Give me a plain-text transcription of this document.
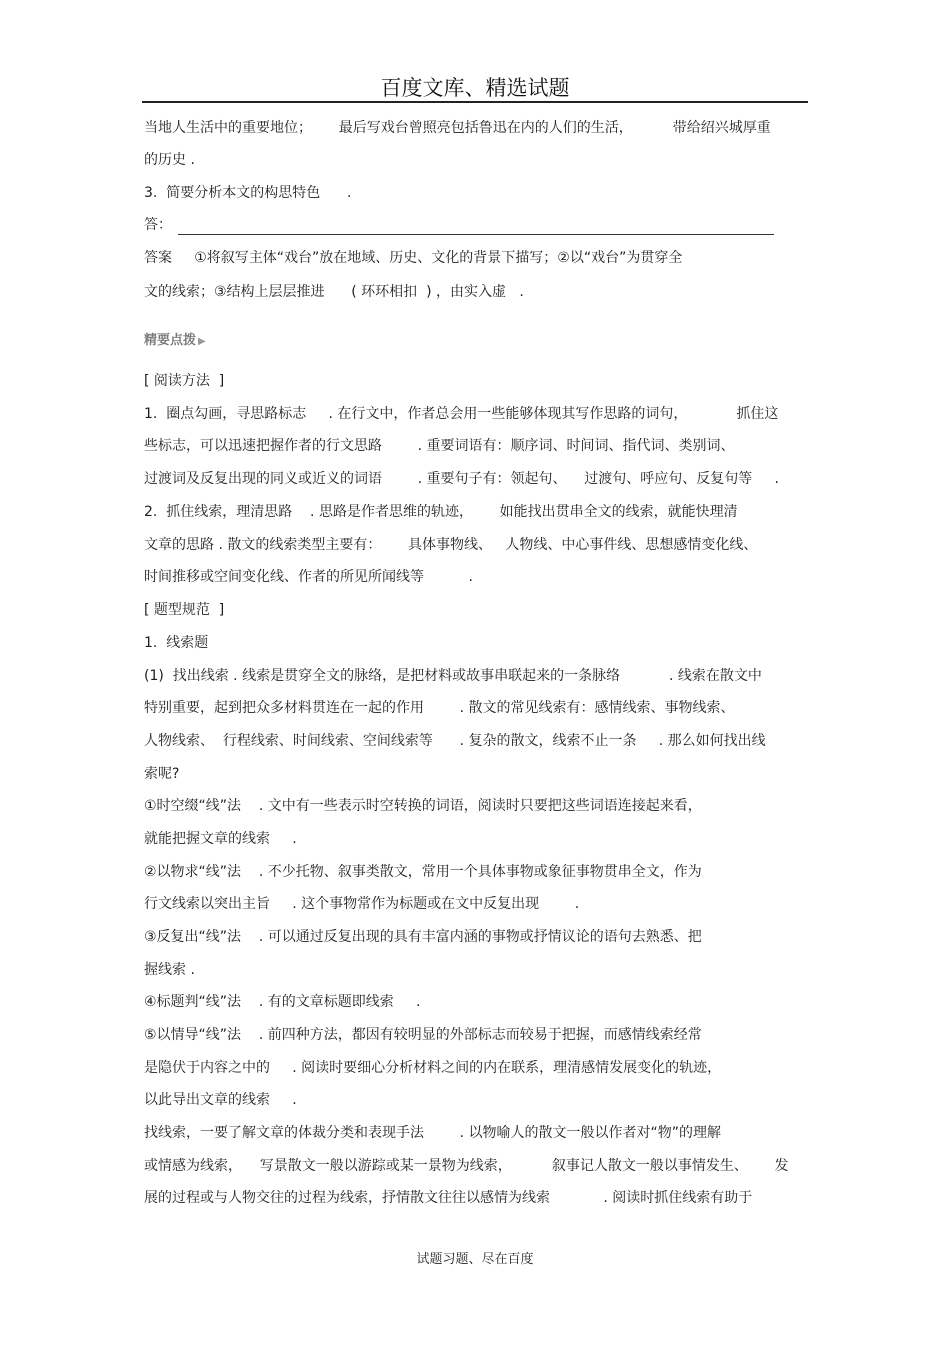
百度文库、精选试题
当地人生活中的重要地位；      最后写戏台曾照亮包括鲁迅在内的人们的生活，         带给绍兴城厚重
的历史 .
3.  简要分析本文的构思特色      .
答：
答案     ①将叙写主体“戏台”放在地域、历史、文化的背景下描写；②以“戏台”为贯穿全
文的线索；③结构上层层推进      ( 环环相扣  ) ，由实入虚   .
精要点拨 ▶
[ 阅读方法  ]
1.  圈点勾画，寻思路标志     . 在行文中，作者总会用一些能够体现其写作思路的词句，           抓住这
些标志，可以迅速把握作者的行文思路        . 重要词语有：顺序词、时间词、指代词、类别词、
过渡词及反复出现的同义或近义的词语        . 重要句子有：领起句、    过渡句、呼应句、反复句等     .
2.  抓住线索，理清思路    . 思路是作者思维的轨迹，      如能找出贯串全文的线索，就能快理清
文章的思路 . 散文的线索类型主要有：      具体事物线、   人物线、中心事件线、思想感情变化线、
时间推移或空间变化线、作者的所见所闻线等          .
[ 题型规范  ]
1.  线索题
(1)  找出线索 . 线索是贯穿全文的脉络，是把材料或故事串联起来的一条脉络           . 线索在散文中
特别重要，起到把众多材料贯连在一起的作用        . 散文的常见线索有：感情线索、事物线索、
人物线索、  行程线索、时间线索、空间线索等      . 复杂的散文，线索不止一条     . 那么如何找出线
索呢?
①时空缀“线”法    . 文中有一些表示时空转换的词语，阅读时只要把这些词语连接起来看，
就能把握文章的线索     .
②以物求“线”法    . 不少托物、叙事类散文，常用一个具体事物或象征事物贯串全文，作为
行文线索以突出主旨     . 这个事物常作为标题或在文中反复出现        .
③反复出“线”法    . 可以通过反复出现的具有丰富内涵的事物或抒情议论的语句去熟悉、把
握线索 .
④标题判“线”法    . 有的文章标题即线索     .
⑤以情导“线”法    . 前四种方法，都因有较明显的外部标志而较易于把握，而感情线索经常
是隐伏于内容之中的     . 阅读时要细心分析材料之间的内在联系，理清感情发展变化的轨迹，
以此导出文章的线索     .
找线索，一要了解文章的体裁分类和表现手法        . 以物喻人的散文一般以作者对“物”的理解
或情感为线索，    写景散文一般以游踪或某一景物为线索，         叙事记人散文一般以事情发生、      发
展的过程或与人物交往的过程为线索，抒情散文往往以感情为线索            . 阅读时抓住线索有助于
试题习题、尽在百度
